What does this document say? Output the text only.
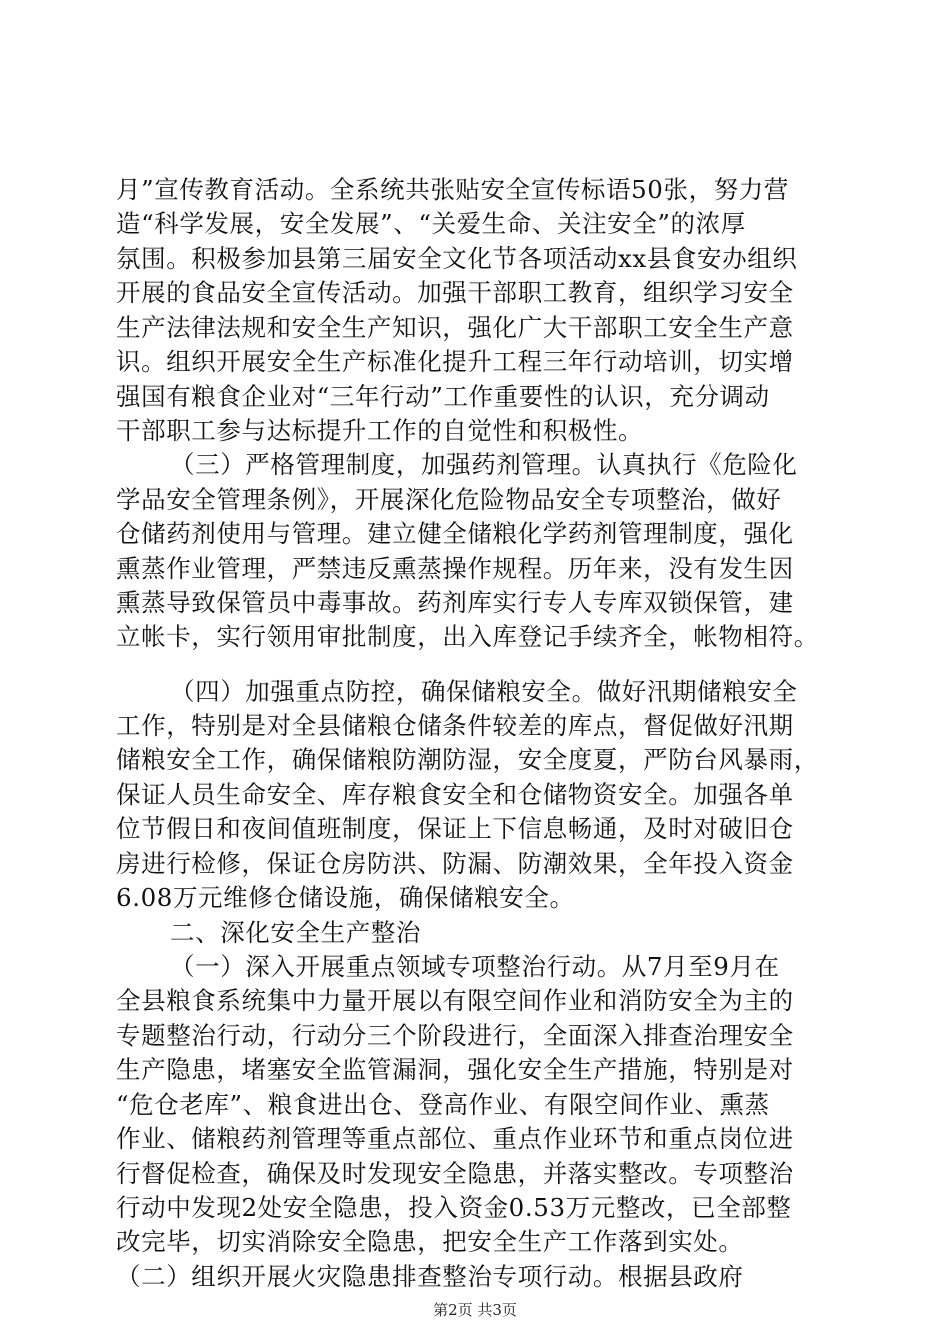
月”宣传教育活动。全系统共张贴安全宣传标语50张，努力营
造“科学发展，安全发展”、“关爱生命、关注安全”的浓厚
氛围。积极参加县第三届安全文化节各项活动xx县食安办组织
开展的食品安全宣传活动。加强干部职工教育，组织学习安全
生产法律法规和安全生产知识，强化广大干部职工安全生产意
识。组织开展安全生产标准化提升工程三年行动培训，切实增
强国有粮食企业对“三年行动”工作重要性的认识，充分调动
干部职工参与达标提升工作的自觉性和积极性。
（三）严格管理制度，加强药剂管理。认真执行《危险化
学品安全管理条例》，开展深化危险物品安全专项整治，做好
仓储药剂使用与管理。建立健全储粮化学药剂管理制度，强化
熏蒸作业管理，严禁违反熏蒸操作规程。历年来，没有发生因
熏蒸导致保管员中毒事故。药剂库实行专人专库双锁保管，建
立帐卡，实行领用审批制度，出入库登记手续齐全，帐物相符。
（四）加强重点防控，确保储粮安全。做好汛期储粮安全
工作，特别是对全县储粮仓储条件较差的库点，督促做好汛期
储粮安全工作，确保储粮防潮防湿，安全度夏，严防台风暴雨，
保证人员生命安全、库存粮食安全和仓储物资安全。加强各单
位节假日和夜间值班制度，保证上下信息畅通，及时对破旧仓
房进行检修，保证仓房防洪、防漏、防潮效果，全年投入资金
6.08万元维修仓储设施，确保储粮安全。
二、深化安全生产整治
（一）深入开展重点领域专项整治行动。从7月至9月在
全县粮食系统集中力量开展以有限空间作业和消防安全为主的
专题整治行动，行动分三个阶段进行，全面深入排查治理安全
生产隐患，堵塞安全监管漏洞，强化安全生产措施，特别是对
“危仓老库”、粮食进出仓、登高作业、有限空间作业、熏蒸
作业、储粮药剂管理等重点部位、重点作业环节和重点岗位进
行督促检查，确保及时发现安全隐患，并落实整改。专项整治
行动中发现2处安全隐患，投入资金0.53万元整改，已全部整
改完毕，切实消除安全隐患，把安全生产工作落到实处。
（二）组织开展火灾隐患排查整治专项行动。根据县政府
第2页 共3页
